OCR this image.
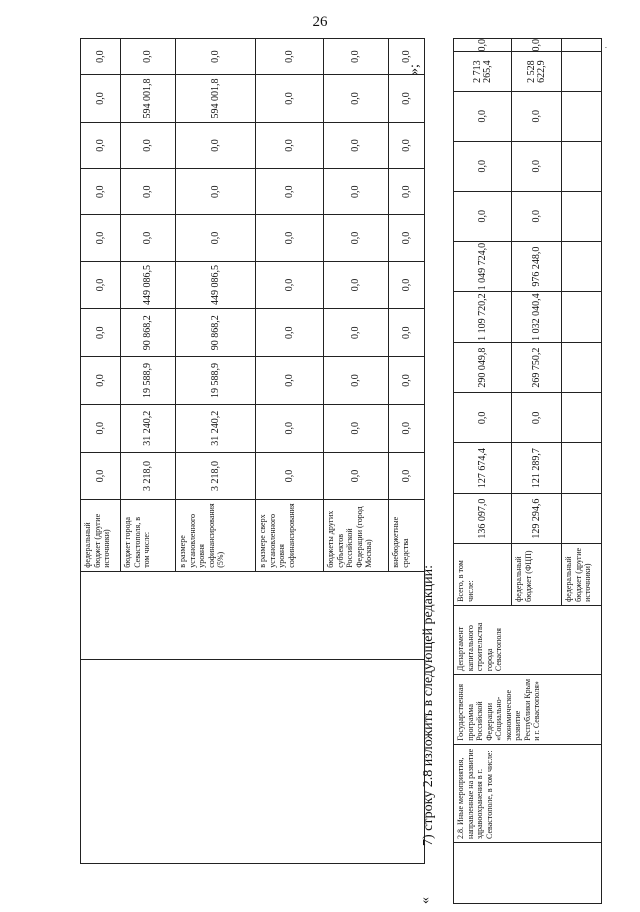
26
		федеральный бюджет (другие источники)	0,0	0,0	0,0	0,0	0,0	0,0	0,0	0,0	0,0	0,0
		бюджет города Севастополя, в том числе:	3 218,0	31 240,2	19 588,9	90 868,2	449 086,5	0,0	0,0	0,0	594 001,8	0,0
		в размере установленного уровня софинансирования (5%)	3 218,0	31 240,2	19 588,9	90 868,2	449 086,5	0,0	0,0	0,0	594 001,8	0,0
		в размере сверх установленного уровня софинансирования	0,0	0,0	0,0	0,0	0,0	0,0	0,0	0,0	0,0	0,0
		бюджеты других субъектов Российской Федерации (город Москва)	0,0	0,0	0,0	0,0	0,0	0,0	0,0	0,0	0,0	0,0
		внебюджетные средства	0,0	0,0	0,0	0,0	0,0	0,0	0,0	0,0	0,0	0,0
«
7) строку 2.8 изложить в следующей редакции:
»;
	2.8. Иные мероприятия, направленные на развитие здравоохранения в г. Севастополе, в том числе:	Государственная программа Российской Федерации «Социально-экономическое развитие Республики Крым и г. Севастополя»	Департамент капитального строительства города Севастополя	Всего, в том числе:	136 097,0	127 674,4	0,0	290 049,8	1 109 720,2	1 049 724,0	0,0	0,0	0,0	2 713 265,4	0,0
				федеральный бюджет (ФЦП)	129 294,6	121 289,7	0,0	269 750,2	1 032 040,4	976 248,0	0,0	0,0	0,0	2 528 622,9	0,0
				федеральный бюджет (другие источники)											
·
